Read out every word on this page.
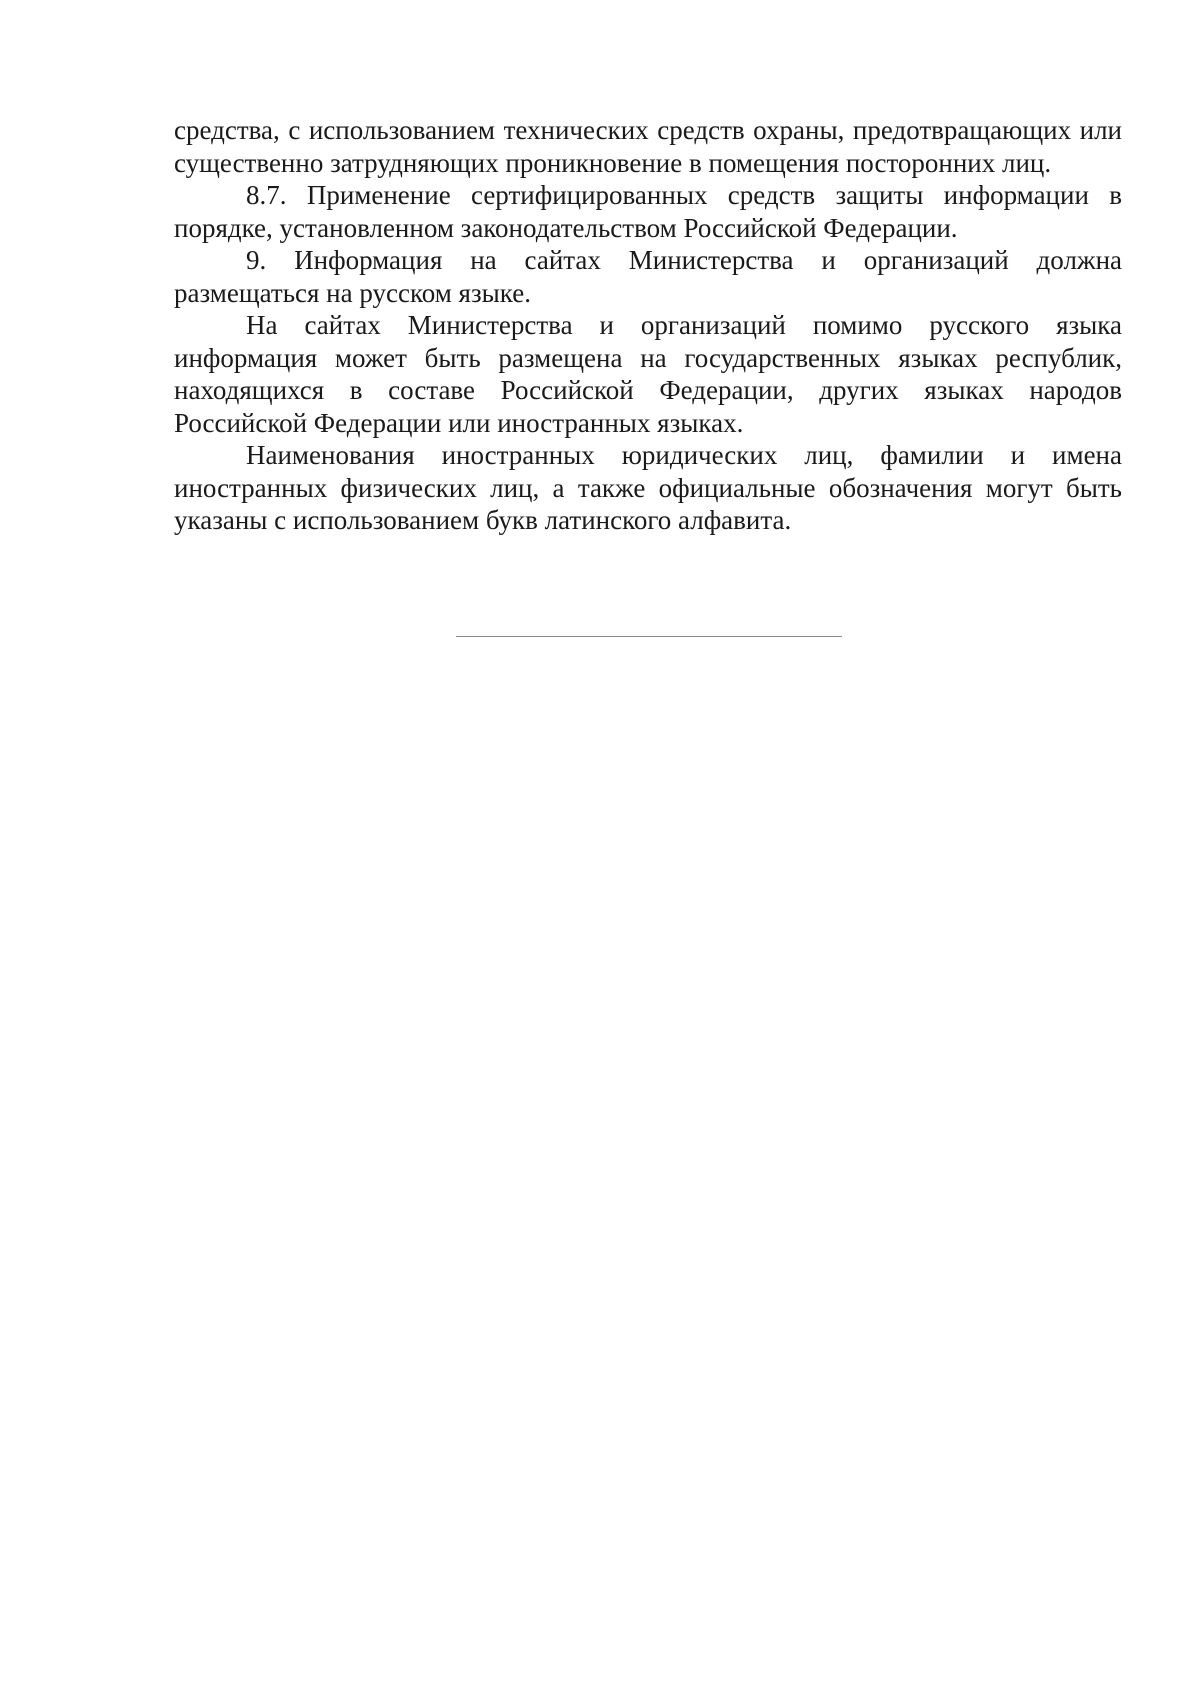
средства, с использованием технических средств охраны, предотвращающих или существенно затрудняющих проникновение в помещения посторонних лиц.

8.7. Применение сертифицированных средств защиты информации в порядке, установленном законодательством Российской Федерации.

9. Информация на сайтах Министерства и организаций должна размещаться на русском языке.

На сайтах Министерства и организаций помимо русского языка информация может быть размещена на государственных языках республик, находящихся в составе Российской Федерации, других языках народов Российской Федерации или иностранных языках.

Наименования иностранных юридических лиц, фамилии и имена иностранных физических лиц, а также официальные обозначения могут быть указаны с использованием букв латинского алфавита.
